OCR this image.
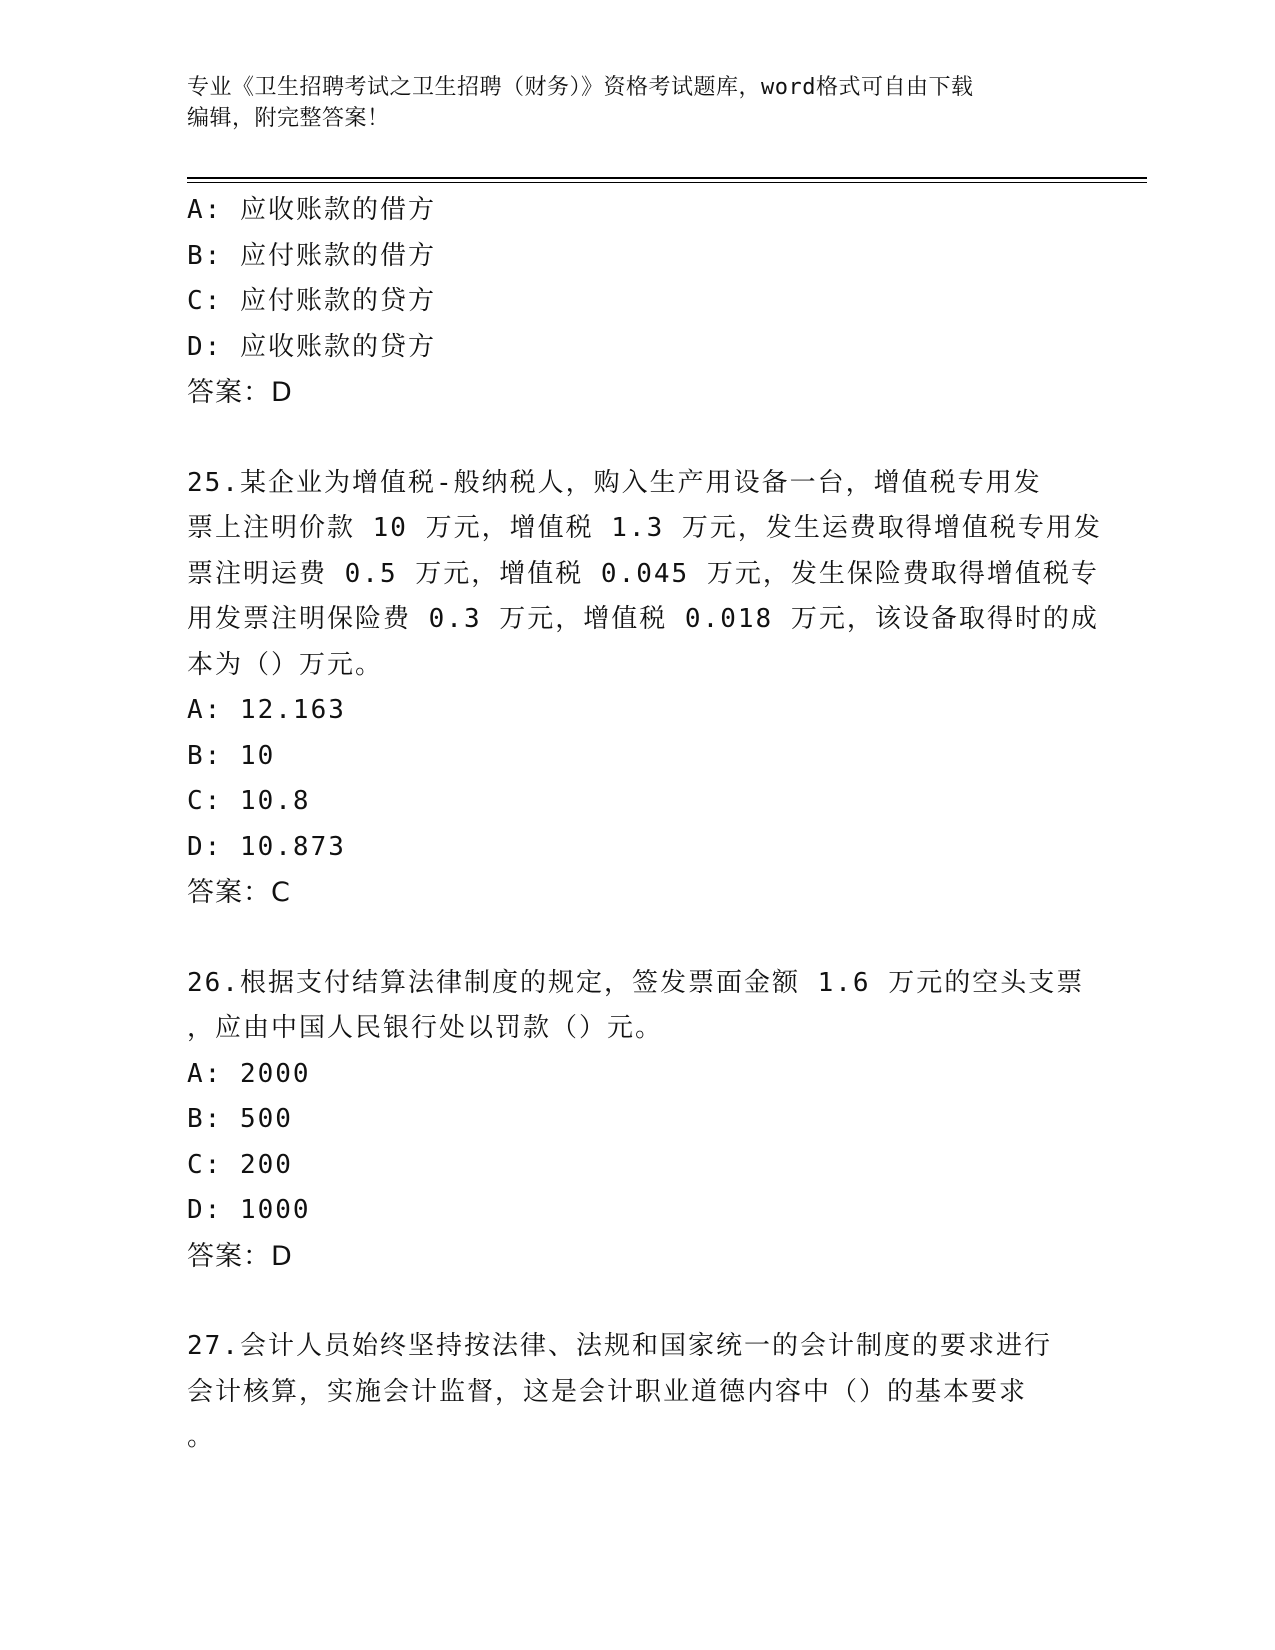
专业《卫生招聘考试之卫生招聘（财务）》资格考试题库，word格式可自由下载
编辑，附完整答案！
A: 应收账款的借方
B: 应付账款的借方
C: 应付账款的贷方
D: 应收账款的贷方
答案：D
25.某企业为增值税-般纳税人，购入生产用设备一台，增值税专用发
票上注明价款 10 万元，增值税 1.3 万元，发生运费取得增值税专用发
票注明运费 0.5 万元，增值税 0.045 万元，发生保险费取得增值税专
用发票注明保险费 0.3 万元，增值税 0.018 万元，该设备取得时的成
本为（）万元。
A: 12.163
B: 10
C: 10.8
D: 10.873
答案：C
26.根据支付结算法律制度的规定，签发票面金额 1.6 万元的空头支票
，应由中国人民银行处以罚款（）元。
A: 2000
B: 500
C: 200
D: 1000
答案：D
27.会计人员始终坚持按法律、法规和国家统一的会计制度的要求进行
会计核算，实施会计监督，这是会计职业道德内容中（）的基本要求
。
